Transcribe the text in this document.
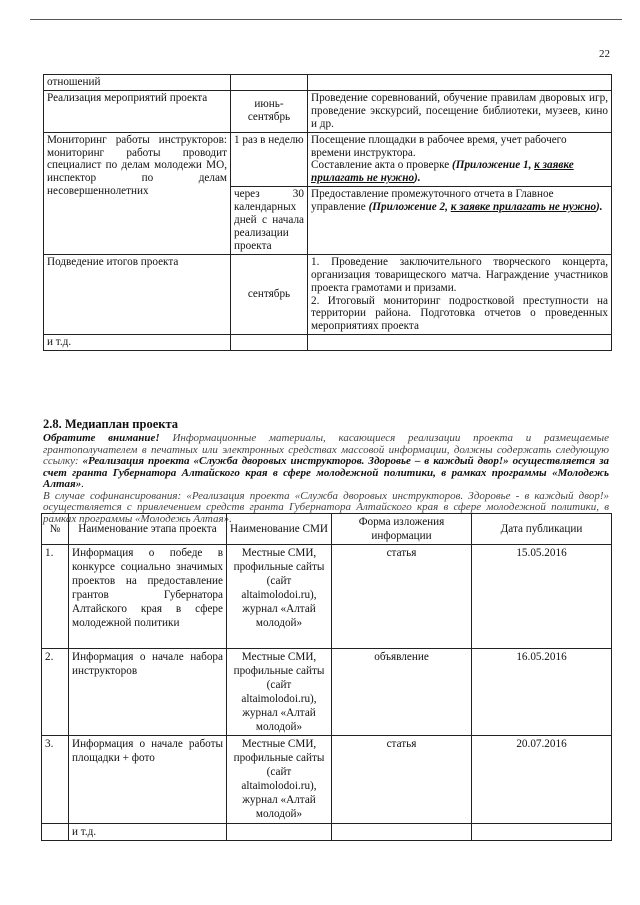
22
отношений		
Реализация мероприятий проекта	июнь-сентябрь	Проведение соревнований, обучение правилам дворовых игр, проведение экскурсий, посещение библиотеки, музеев, кино и др.
Мониторинг работы инструкторов: мониторинг работы проводит специалист по делам молодежи МО, инспектор по делам несовершеннолетних	1 раз в неделю	Посещение площадки в рабочее время, учет рабочего времени инструктора.
Составление акта о проверке (Приложение 1, к заявке прилагать не нужно).
	через 30 календарных дней с начала реализации проекта	Предоставление промежуточного отчета в Главное управление (Приложение 2, к заявке прилагать не нужно).
Подведение итогов проекта	сентябрь	1. Проведение заключительного творческого концерта, организация товарищеского матча. Награждение участников проекта грамотами и призами.
2. Итоговый мониторинг подростковой преступности на территории района. Подготовка отчетов о проведенных мероприятиях проекта

и т.д.		
2.8. Медиаплан проекта

Обратите внимание! Информационные материалы, касающиеся реализации проекта и размещаемые грантополучателем в печатных или электронных средствах массовой информации, должны содержать следующую ссылку: «Реализация проекта «Служба дворовых инструкторов. Здоровье – в каждый двор!» осуществляется за счет гранта Губернатора Алтайского края в сфере молодежной политики, в рамках программы «Молодежь Алтая».

В случае софинансирования: «Реализация проекта «Служба дворовых инструкторов. Здоровье - в каждый двор!» осуществляется с привлечением средств гранта Губернатора Алтайского края в сфере молодежной политики, в рамках программы «Молодежь Алтая».

№	Наименование этапа проекта	Наименование СМИ	Форма изложения информации	Дата публикации
1.	Информация о победе в конкурсе социально значимых проектов на предоставление грантов Губернатора Алтайского края в сфере молодежной политики	Местные СМИ, профильные сайты (сайт altaimolodoi.ru), журнал «Алтай молодой»	статья	15.05.2016
2.	Информация о начале набора инструкторов	Местные СМИ, профильные сайты (сайт altaimolodoi.ru), журнал «Алтай молодой»	объявление	16.05.2016
3.	Информация о начале работы площадки + фото	Местные СМИ, профильные сайты (сайт altaimolodoi.ru), журнал «Алтай молодой»	статья	20.07.2016
	и т.д.			
